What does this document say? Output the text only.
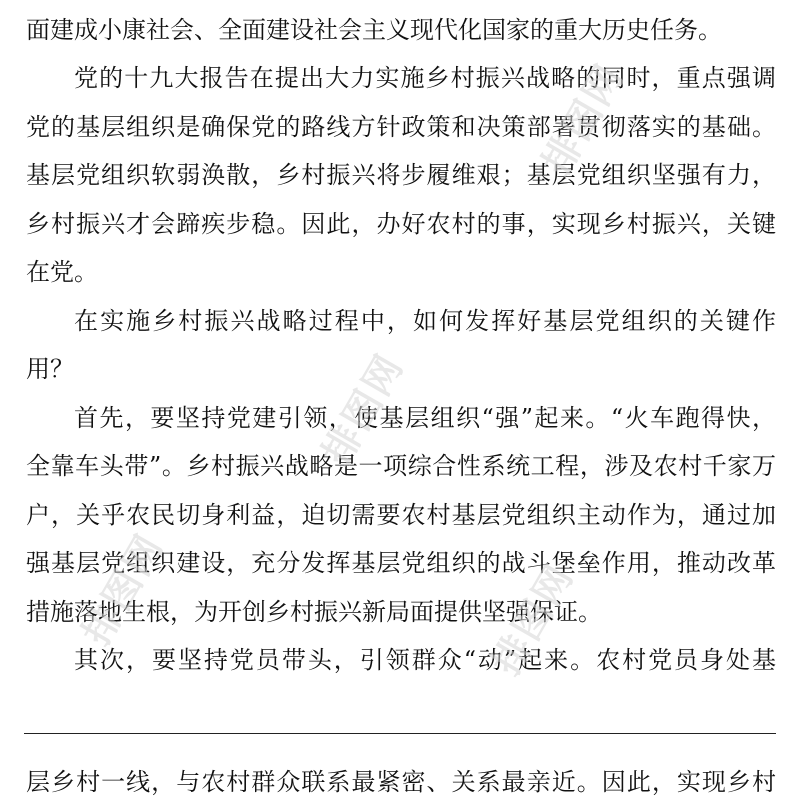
面建成小康社会、全面建设社会主义现代化国家的重大历史任务。
党的十九大报告在提出大力实施乡村振兴战略的同时，重点强调
党的基层组织是确保党的路线方针政策和决策部署贯彻落实的基础。
基层党组织软弱涣散，乡村振兴将步履维艰；基层党组织坚强有力，
乡村振兴才会蹄疾步稳。因此，办好农村的事，实现乡村振兴，关键
在党。
在实施乡村振兴战略过程中，如何发挥好基层党组织的关键作
用？
首先，要坚持党建引领，使基层组织“强”起来。“火车跑得快，
全靠车头带”。乡村振兴战略是一项综合性系统工程，涉及农村千家万
户，关乎农民切身利益，迫切需要农村基层党组织主动作为，通过加
强基层党组织建设，充分发挥基层党组织的战斗堡垒作用，推动改革
措施落地生根，为开创乡村振兴新局面提供坚强保证。
其次，要坚持党员带头，引领群众“动”起来。农村党员身处基
层乡村一线，与农村群众联系最紧密、关系最亲近。因此，实现乡村
排图网
排图网
排图网	排图网
